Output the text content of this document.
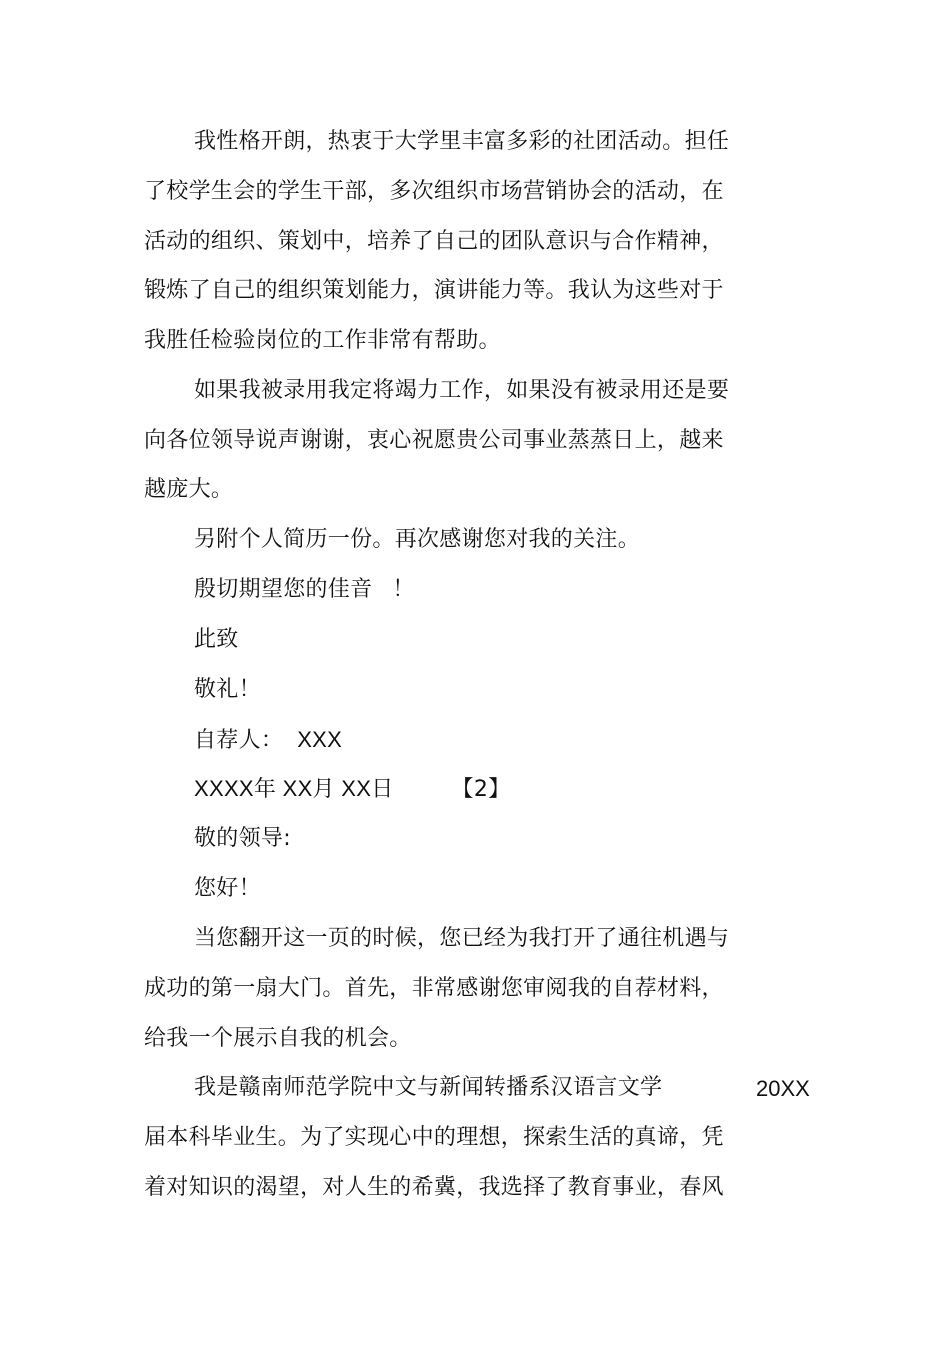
我性格开朗，热衷于大学里丰富多彩的社团活动。担任
了校学生会的学生干部，多次组织市场营销协会的活动，在
活动的组织、策划中，培养了自己的团队意识与合作精神，
锻炼了自己的组织策划能力，演讲能力等。我认为这些对于
我胜任检验岗位的工作非常有帮助。
如果我被录用我定将竭力工作，如果没有被录用还是要
向各位领导说声谢谢，衷心祝愿贵公司事业蒸蒸日上，越来
越庞大。
另附个人简历一份。再次感谢您对我的关注。
殷切期望您的佳音 ！
此致
敬礼！
自荐人： XXX
XXXX年 XX月 XX日	【2】
敬的领导:
您好！
当您翻开这一页的时候，您已经为我打开了通往机遇与
成功的第一扇大门。首先，非常感谢您审阅我的自荐材料，
给我一个展示自我的机会。
我是赣南师范学院中文与新闻转播系汉语言文学	20XX
届本科毕业生。为了实现心中的理想，探索生活的真谛，凭
着对知识的渴望，对人生的希冀，我选择了教育事业，春风
